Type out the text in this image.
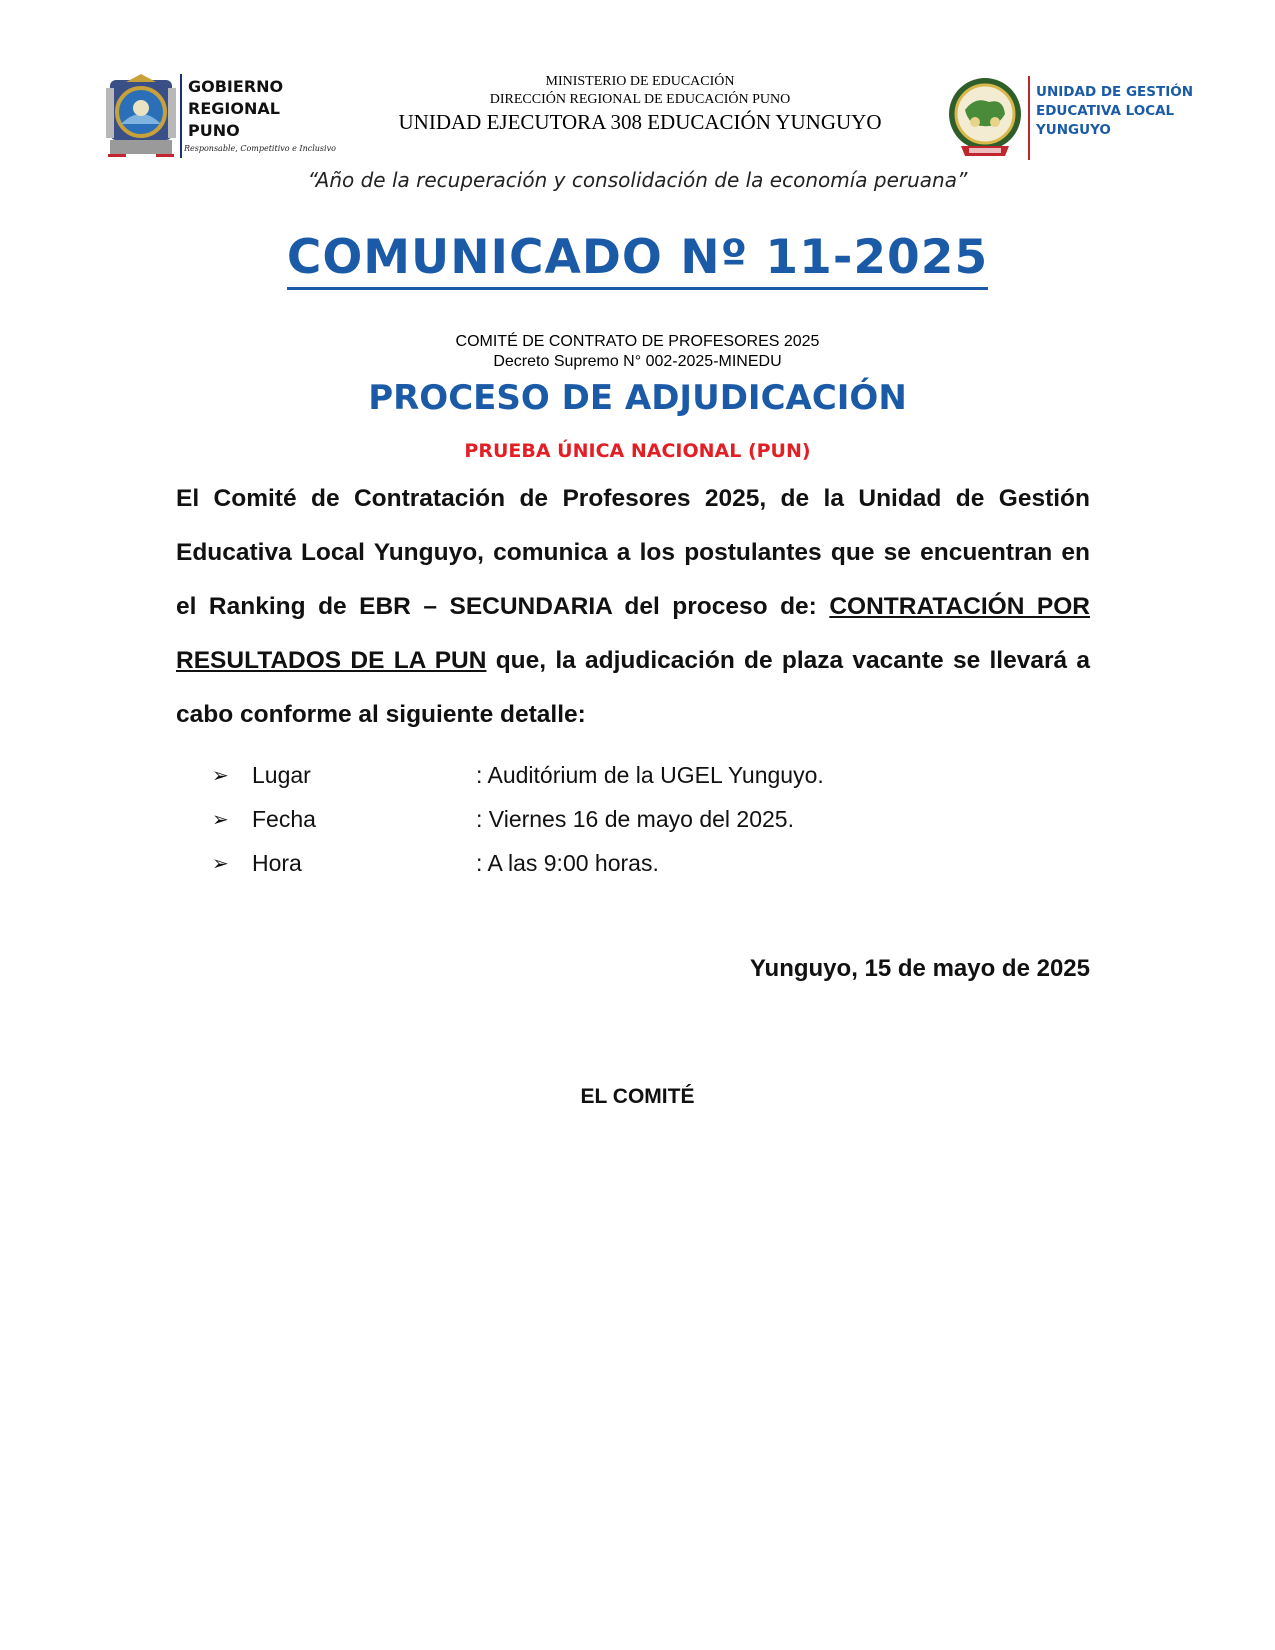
GOBIERNO
REGIONAL
PUNO
Responsable, Competitivo e Inclusivo
MINISTERIO DE EDUCACIÓN
DIRECCIÓN REGIONAL DE EDUCACIÓN PUNO
UNIDAD EJECUTORA 308 EDUCACIÓN YUNGUYO
UNIDAD DE GESTIÓN
EDUCATIVA LOCAL
YUNGUYO
“Año de la recuperación y consolidación de la economía peruana”
COMUNICADO Nº 11-2025
COMITÉ DE CONTRATO DE PROFESORES 2025
Decreto Supremo N° 002-2025-MINEDU
PROCESO DE ADJUDICACIÓN
PRUEBA ÚNICA NACIONAL (PUN)
El Comité de Contratación de Profesores 2025, de la Unidad de Gestión Educativa Local Yunguyo, comunica a los postulantes que se encuentran en el Ranking de EBR – SECUNDARIA del proceso de: CONTRATACIÓN POR RESULTADOS DE LA PUN que, la adjudicación de plaza vacante se llevará a cabo conforme al siguiente detalle:
➢ Lugar	: Auditórium de la UGEL Yunguyo.
➢ Fecha	: Viernes 16 de mayo del 2025.
➢ Hora	: A las 9:00 horas.
Yunguyo, 15 de mayo de 2025
EL COMITÉ
